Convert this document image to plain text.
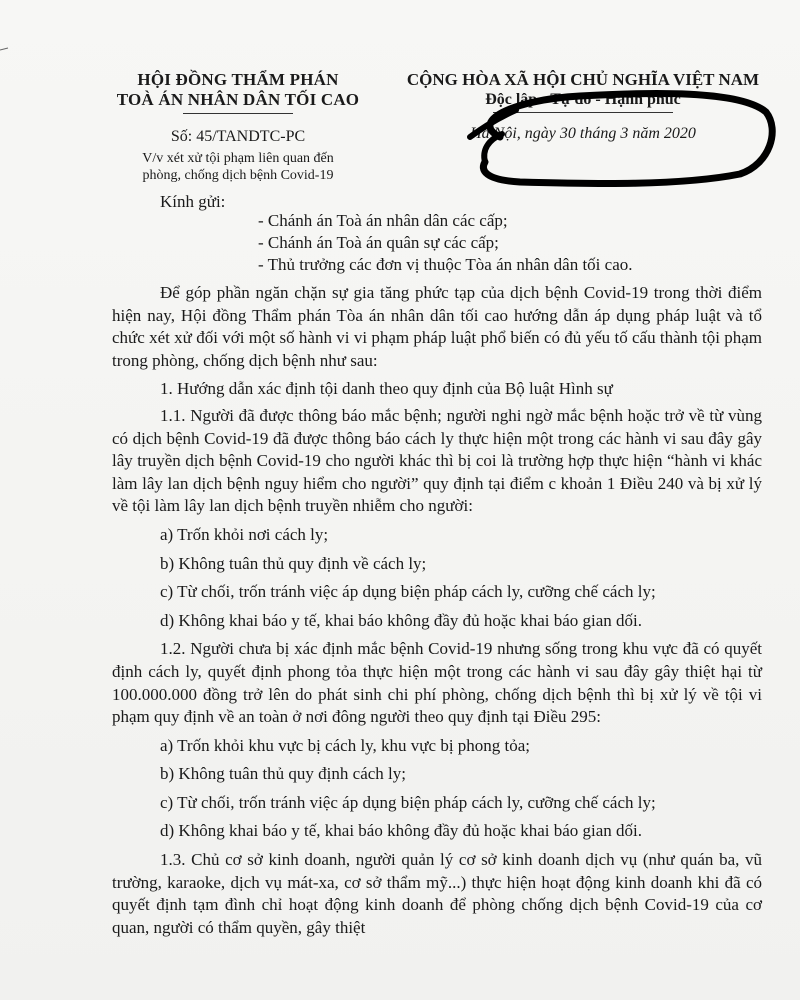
HỘI ĐỒNG THẨM PHÁN
TOÀ ÁN NHÂN DÂN TỐI CAO
Số: 45/TANDTC-PC
V/v xét xử tội phạm liên quan đến
phòng, chống dịch bệnh Covid-19
CỘNG HÒA XÃ HỘI CHỦ NGHĨA VIỆT NAM
Độc lập - Tự do - Hạnh phúc
Hà Nội, ngày 30 tháng 3 năm 2020
Kính gửi:
- Chánh án Toà án nhân dân các cấp;
- Chánh án Toà án quân sự các cấp;
- Thủ trưởng các đơn vị thuộc Tòa án nhân dân tối cao.

Để góp phần ngăn chặn sự gia tăng phức tạp của dịch bệnh Covid-19 trong thời điểm hiện nay, Hội đồng Thẩm phán Tòa án nhân dân tối cao hướng dẫn áp dụng pháp luật và tổ chức xét xử đối với một số hành vi vi phạm pháp luật phổ biến có đủ yếu tố cấu thành tội phạm trong phòng, chống dịch bệnh như sau:

1. Hướng dẫn xác định tội danh theo quy định của Bộ luật Hình sự

1.1. Người đã được thông báo mắc bệnh; người nghi ngờ mắc bệnh hoặc trở về từ vùng có dịch bệnh Covid-19 đã được thông báo cách ly thực hiện một trong các hành vi sau đây gây lây truyền dịch bệnh Covid-19 cho người khác thì bị coi là trường hợp thực hiện “hành vi khác làm lây lan dịch bệnh nguy hiểm cho người” quy định tại điểm c khoản 1 Điều 240 và bị xử lý về tội làm lây lan dịch bệnh truyền nhiễm cho người:

a) Trốn khỏi nơi cách ly;

b) Không tuân thủ quy định về cách ly;

c) Từ chối, trốn tránh việc áp dụng biện pháp cách ly, cưỡng chế cách ly;

d) Không khai báo y tế, khai báo không đầy đủ hoặc khai báo gian dối.

1.2. Người chưa bị xác định mắc bệnh Covid-19 nhưng sống trong khu vực đã có quyết định cách ly, quyết định phong tỏa thực hiện một trong các hành vi sau đây gây thiệt hại từ 100.000.000 đồng trở lên do phát sinh chi phí phòng, chống dịch bệnh thì bị xử lý về tội vi phạm quy định về an toàn ở nơi đông người theo quy định tại Điều 295:

a) Trốn khỏi khu vực bị cách ly, khu vực bị phong tỏa;

b) Không tuân thủ quy định cách ly;

c) Từ chối, trốn tránh việc áp dụng biện pháp cách ly, cưỡng chế cách ly;

d) Không khai báo y tế, khai báo không đầy đủ hoặc khai báo gian dối.

1.3. Chủ cơ sở kinh doanh, người quản lý cơ sở kinh doanh dịch vụ (như quán ba, vũ trường, karaoke, dịch vụ mát-xa, cơ sở thẩm mỹ...) thực hiện hoạt động kinh doanh khi đã có quyết định tạm đình chỉ hoạt động kinh doanh để phòng chống dịch bệnh Covid-19 của cơ quan, người có thẩm quyền, gây thiệt
